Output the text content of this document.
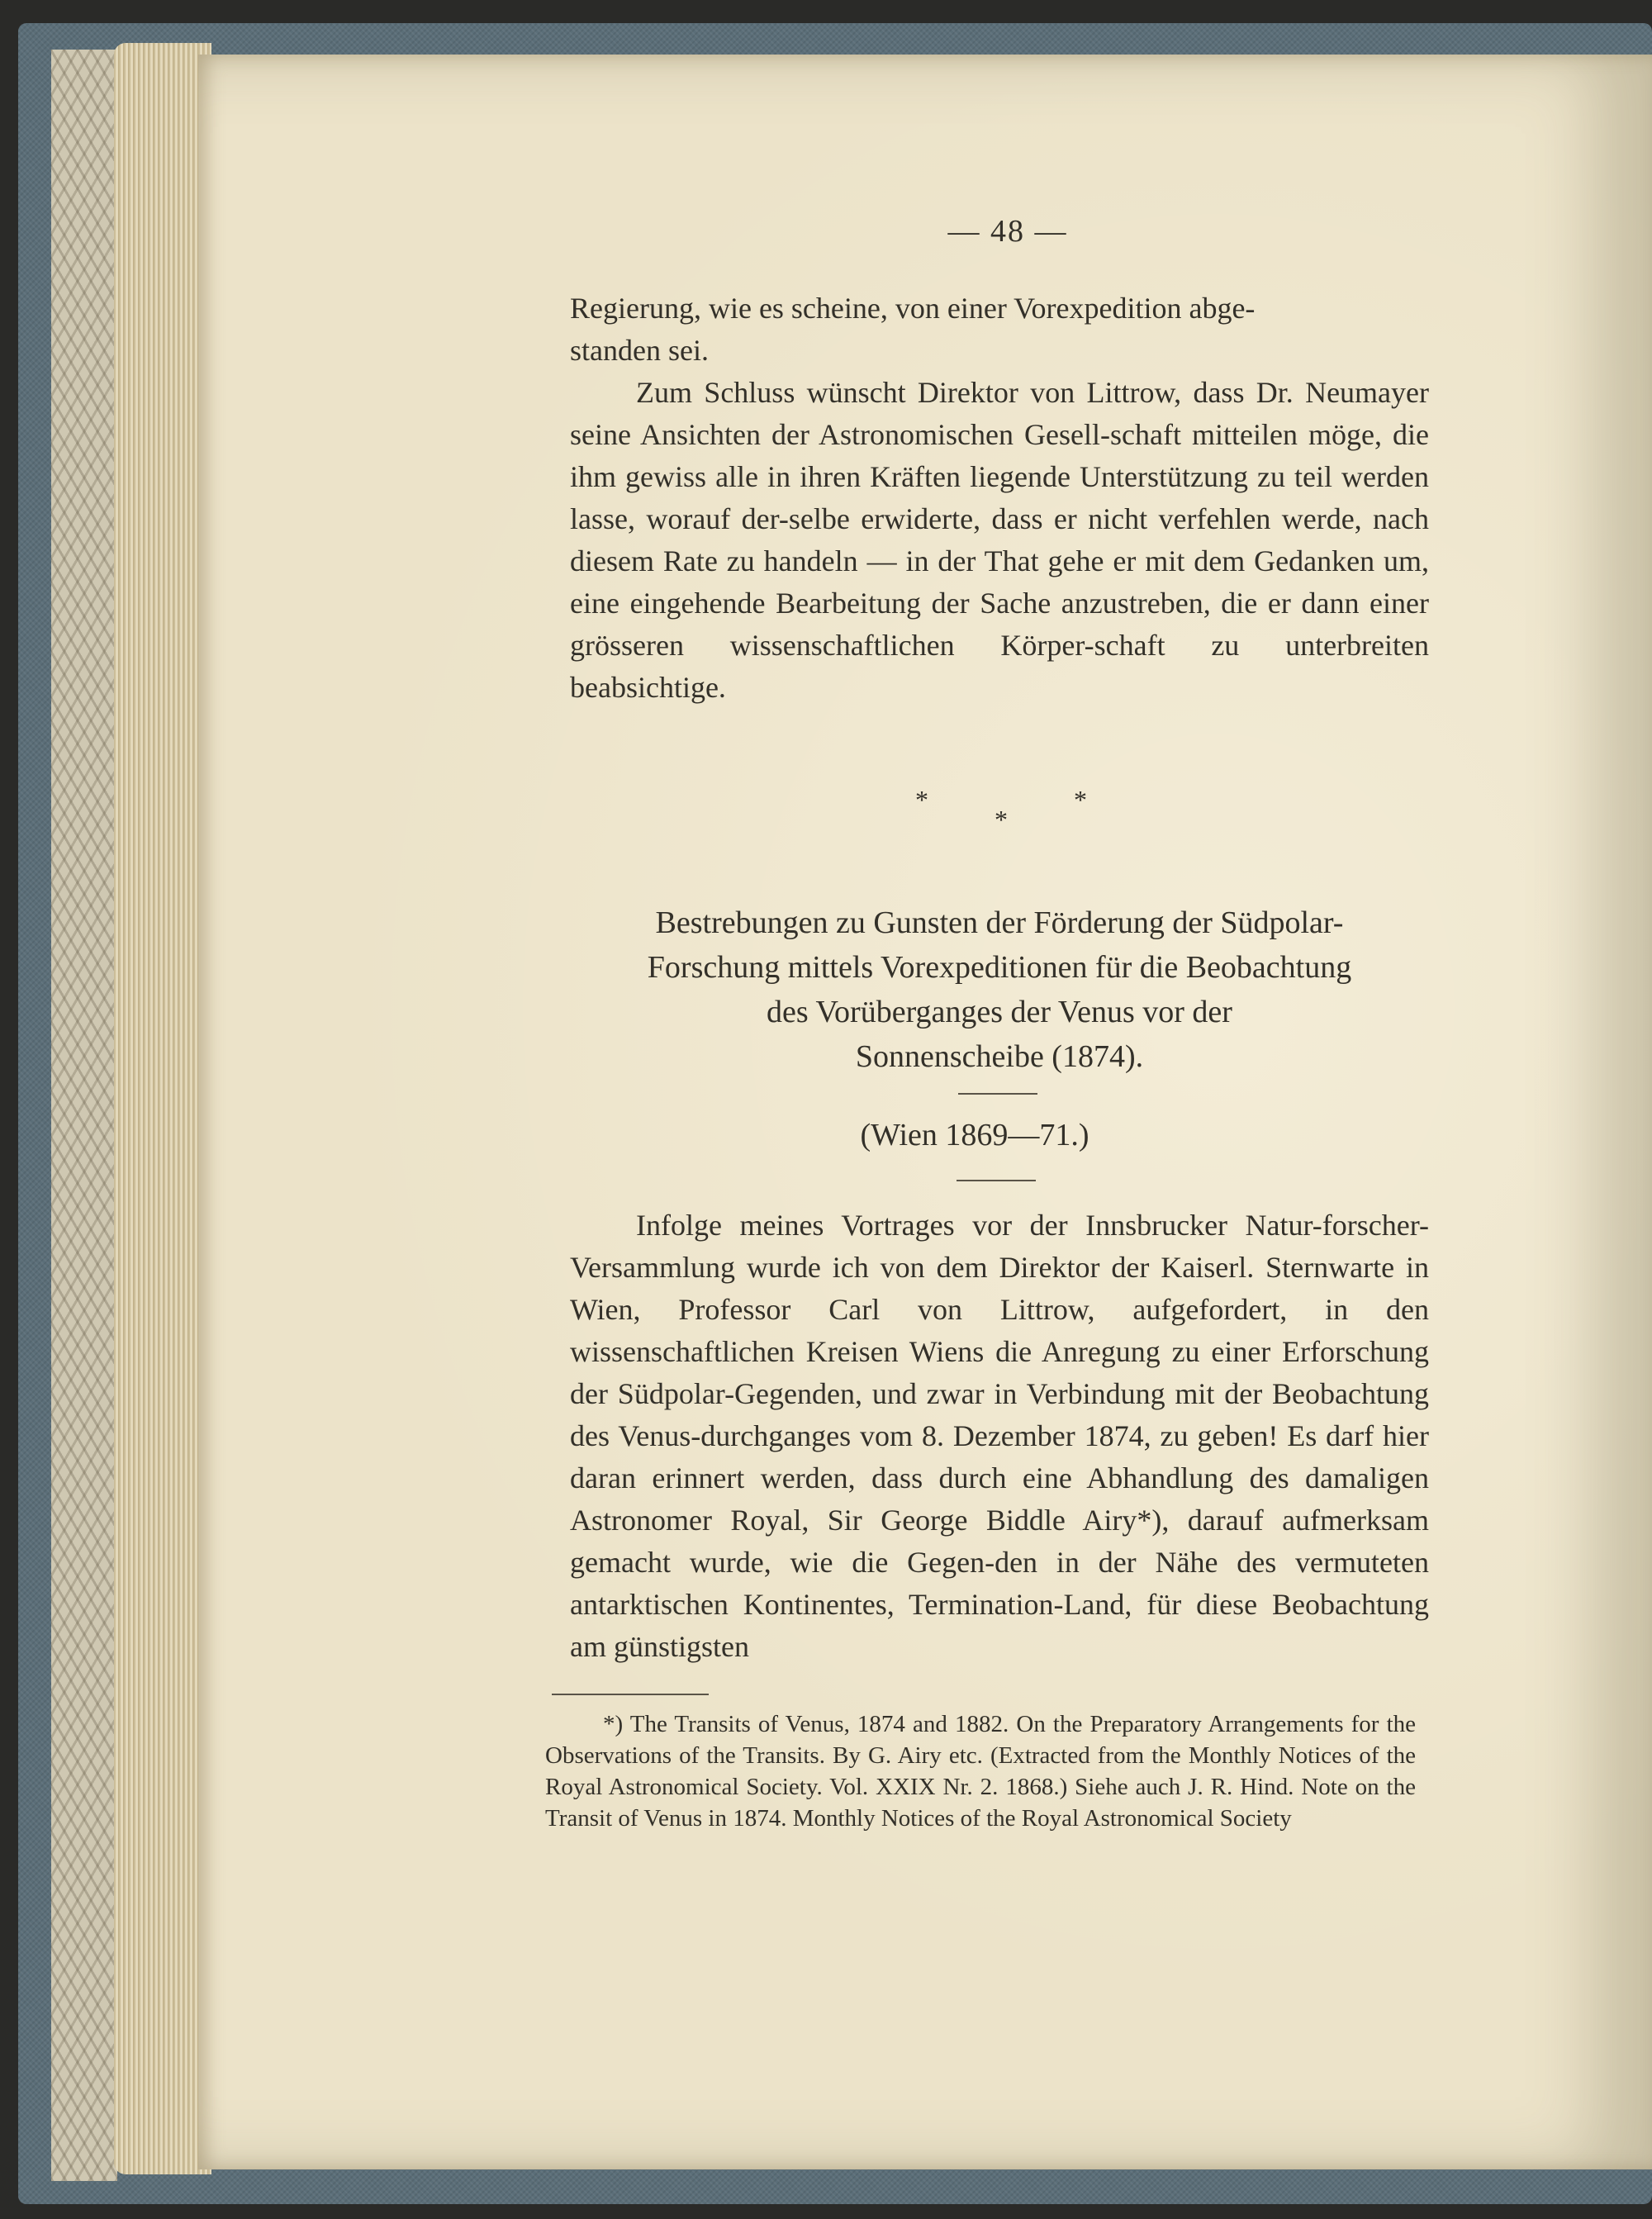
— 48 —

Regierung, wie es scheine, von einer Vorexpedition abge-

standen sei.

Zum Schluss wünscht Direktor von Littrow, dass Dr. Neumayer seine Ansichten der Astronomischen Gesell-schaft mitteilen möge, die ihm gewiss alle in ihren Kräften liegende Unterstützung zu teil werden lasse, worauf der-selbe erwiderte, dass er nicht verfehlen werde, nach diesem Rate zu handeln — in der That gehe er mit dem Gedanken um, eine eingehende Bearbeitung der Sache anzustreben, die er dann einer grösseren wissenschaftlichen Körper-schaft zu unterbreiten beabsichtige.

*
*
*
Bestrebungen zu Gunsten der Förderung der Südpolar-
Forschung mittels Vorexpeditionen für die Beobachtung
des Vorüberganges der Venus vor der
Sonnenscheibe (1874).
(Wien 1869—71.)

Infolge meines Vortrages vor der Innsbrucker Natur-forscher-Versammlung wurde ich von dem Direktor der Kaiserl. Sternwarte in Wien, Professor Carl von Littrow, aufgefordert, in den wissenschaftlichen Kreisen Wiens die Anregung zu einer Erforschung der Südpolar-Gegenden, und zwar in Verbindung mit der Beobachtung des Venus-durchganges vom 8. Dezember 1874, zu geben! Es darf hier daran erinnert werden, dass durch eine Abhandlung des damaligen Astronomer Royal, Sir George Biddle Airy*), darauf aufmerksam gemacht wurde, wie die Gegen-den in der Nähe des vermuteten antarktischen Kontinentes, Termination-Land, für diese Beobachtung am günstigsten

*) The Transits of Venus, 1874 and 1882. On the Preparatory Arrangements for the Observations of the Transits. By G. Airy etc. (Extracted from the Monthly Notices of the Royal Astronomical Society. Vol. XXIX Nr. 2. 1868.) Siehe auch J. R. Hind. Note on the Transit of Venus in 1874. Monthly Notices of the Royal Astronomical Society
